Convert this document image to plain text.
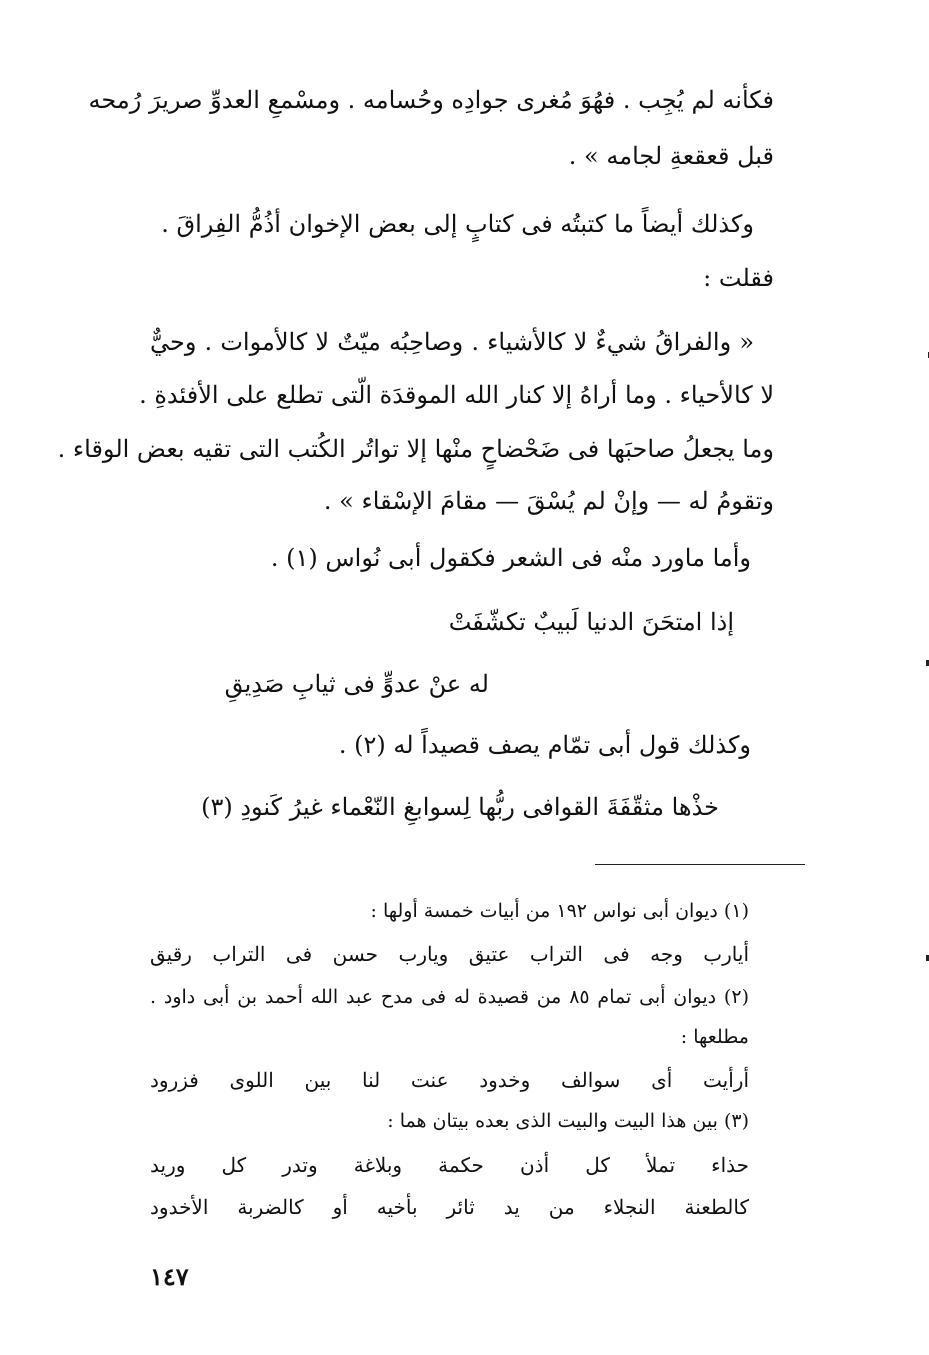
فكأنه لم يُجِب . فهُوَ مُغرى جوادِه وحُسامه . ومسْمعِ العدوِّ صريرَ رُمحه
قبل قعقعةِ لجامه » .
وكذلك أيضاً ما كتبتُه فى كتابٍ إلى بعض الإخوان أذُمُّ الفِراقَ .
فقلت :
« والفراقُ شيءٌ لا كالأشياء . وصاحِبُه ميّتٌ لا كالأموات . وحيٌّ
لا كالأحياء . وما أراهُ إلا كنار الله الموقدَة الّتى تطلع على الأفئدةِ .
وما يجعلُ صاحبَها فى ضَحْضاحٍ منْها إلا تواتُر الكُتب التى تقيه بعض الوقاء .
وتقومُ له — وإنْ لم يُسْقَ — مقامَ الإسْقاء » .
وأما ماورد منْه فى الشعر فكقول أبى نُواس (١) .
إذا امتحَنَ الدنيا لَبيبٌ تكشّفَتْ
له عنْ عدوٍّ فى ثيابِ صَدِيقِ
وكذلك قول أبى تمّام يصف قصيداً له (٢) .
خذْها مثقّفَةَ القوافى ربُّها لِسوابغِ النّعْماء غيرُ كَنودِ (٣)
(١) ديوان أبى نواس ١٩٢ من أبيات خمسة أولها :
أيارب وجه فى التراب عتيق ويارب حسن فى التراب رقيق
(٢) ديوان أبى تمام ٨٥ من قصيدة له فى مدح عبد الله أحمد بن أبى داود .
مطلعها :
أرأيت أى سوالف وخدود عنت لنا بين اللوى فزرود
(٣) بين هذا البيت والبيت الذى بعده بيتان هما :
حذاء تملأ كل أذن حكمة وبلاغة وتدر كل وريد
كالطعنة النجلاء من يد ثائر بأخيه أو كالضربة الأخدود
١٤٧
